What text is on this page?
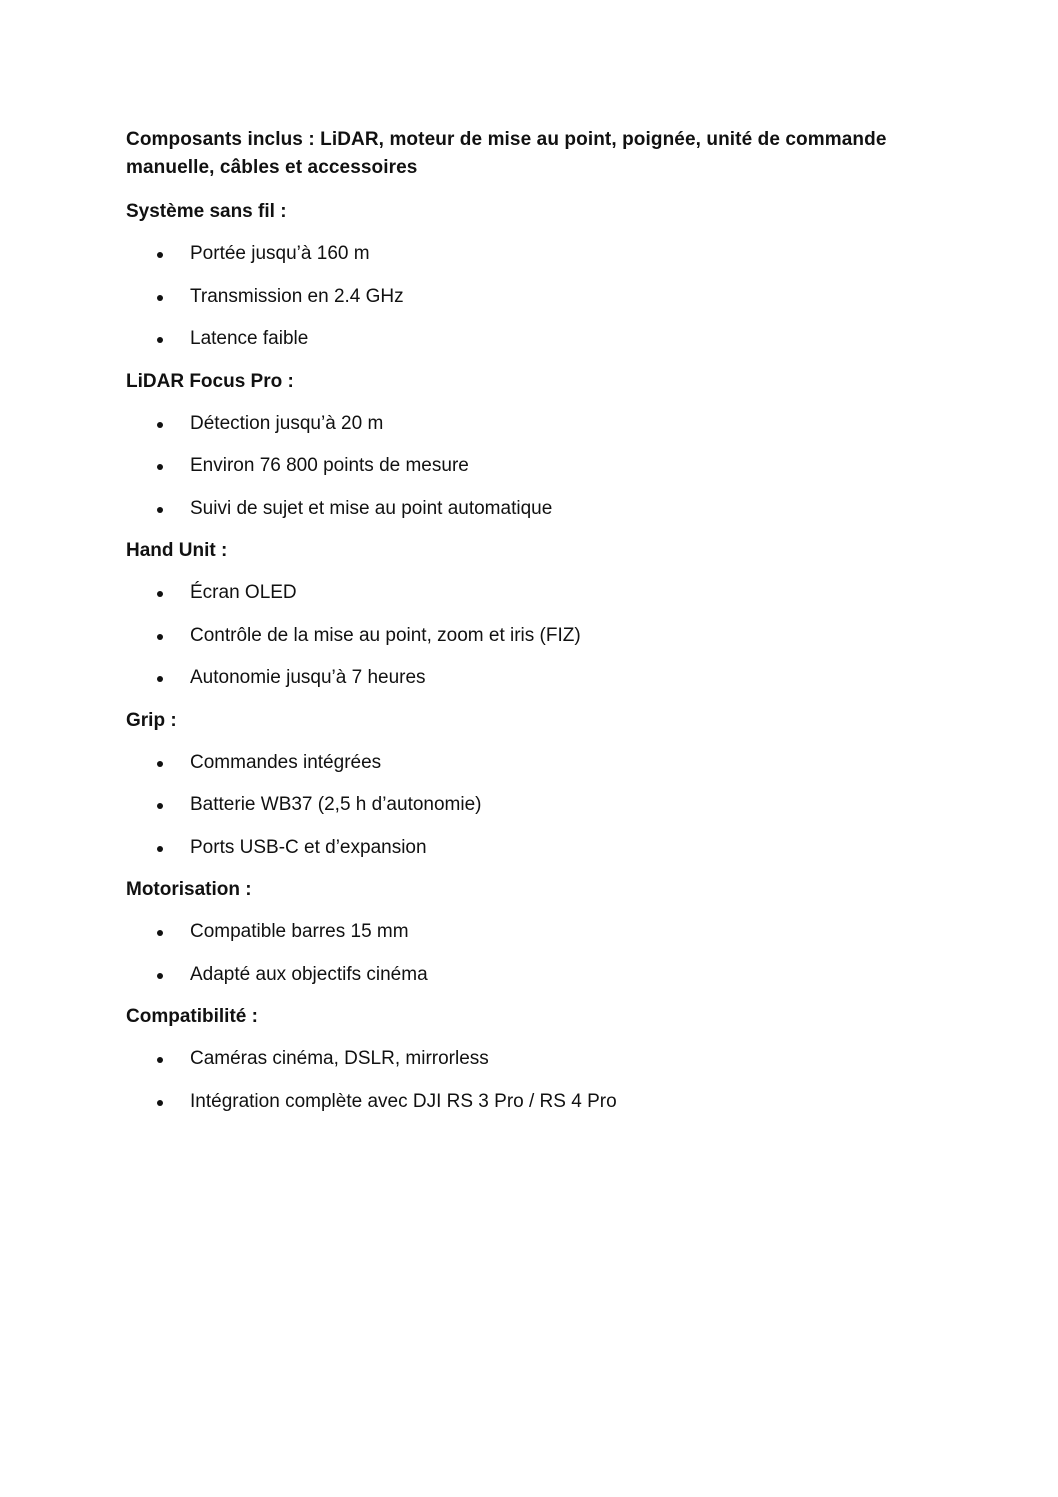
Composants inclus : LiDAR, moteur de mise au point, poignée, unité de commande manuelle, câbles et accessoires

Système sans fil :

Portée jusqu’à 160 m
Transmission en 2.4 GHz
Latence faible

LiDAR Focus Pro :

Détection jusqu’à 20 m
Environ 76 800 points de mesure
Suivi de sujet et mise au point automatique

Hand Unit :

Écran OLED
Contrôle de la mise au point, zoom et iris (FIZ)
Autonomie jusqu’à 7 heures

Grip :

Commandes intégrées
Batterie WB37 (2,5 h d’autonomie)
Ports USB-C et d’expansion

Motorisation :

Compatible barres 15 mm
Adapté aux objectifs cinéma

Compatibilité :

Caméras cinéma, DSLR, mirrorless
Intégration complète avec DJI RS 3 Pro / RS 4 Pro
